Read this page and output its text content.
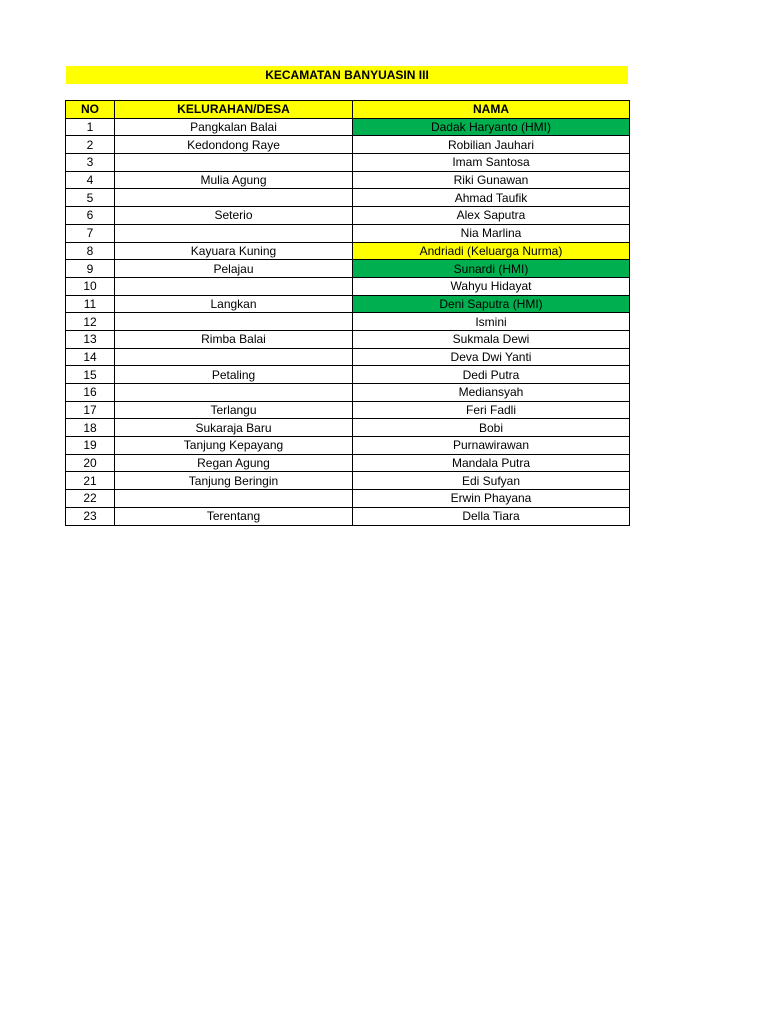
KECAMATAN BANYUASIN III
NO	KELURAHAN/DESA	NAMA
1	Pangkalan Balai	Dadak Haryanto (HMI)
2	Kedondong Raye	Robilian Jauhari
3		Imam Santosa
4	Mulia Agung	Riki Gunawan
5		Ahmad Taufik
6	Seterio	Alex Saputra
7		Nia Marlina
8	Kayuara Kuning	Andriadi (Keluarga Nurma)
9	Pelajau	Sunardi (HMI)
10		Wahyu Hidayat
11	Langkan	Deni Saputra (HMI)
12		Ismini
13	Rimba Balai	Sukmala Dewi
14		Deva Dwi Yanti
15	Petaling	Dedi Putra
16		Mediansyah
17	Terlangu	Feri Fadli
18	Sukaraja Baru	Bobi
19	Tanjung Kepayang	Purnawirawan
20	Regan Agung	Mandala Putra
21	Tanjung Beringin	Edi Sufyan
22		Erwin Phayana
23	Terentang	Della Tiara
